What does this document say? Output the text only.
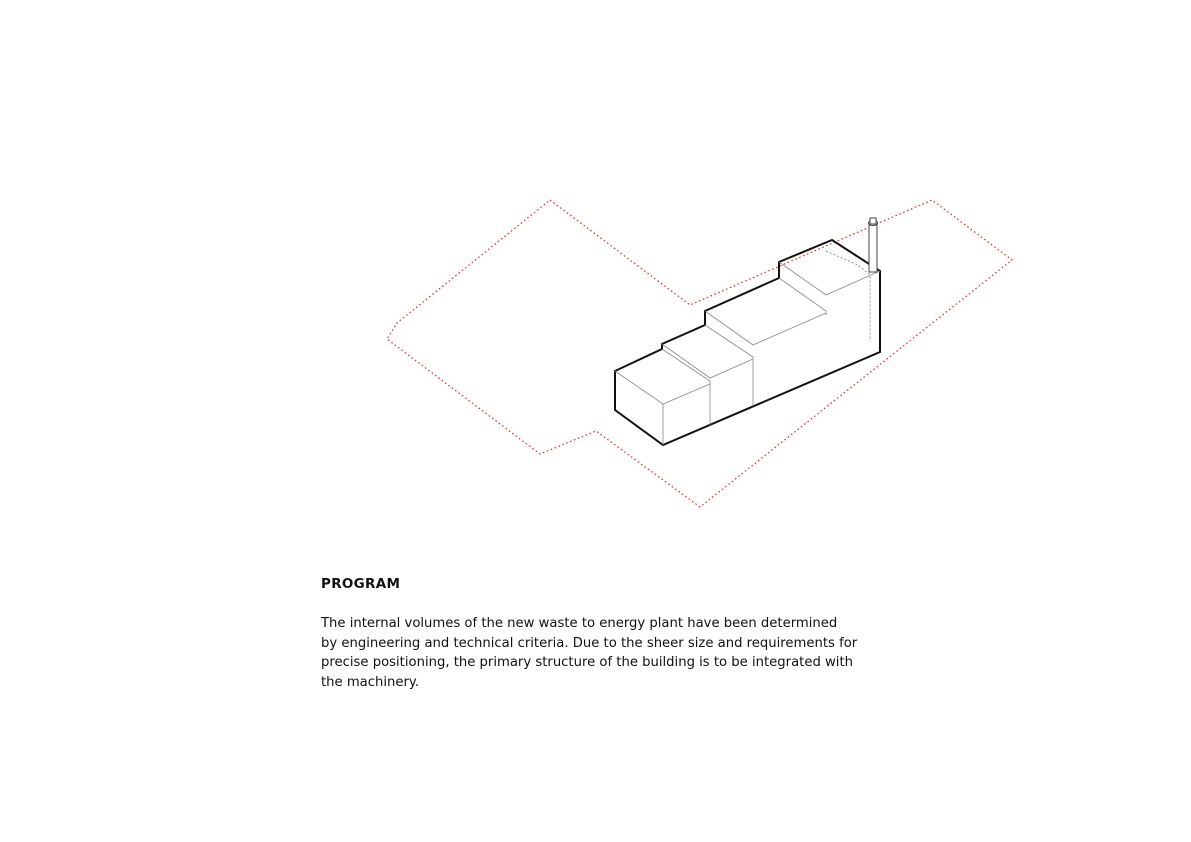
PROGRAM

The internal volumes of the new waste to energy plant have been determined
by engineering and technical criteria. Due to the sheer size and requirements for
precise positioning, the primary structure of the building is to be integrated with
the machinery.
